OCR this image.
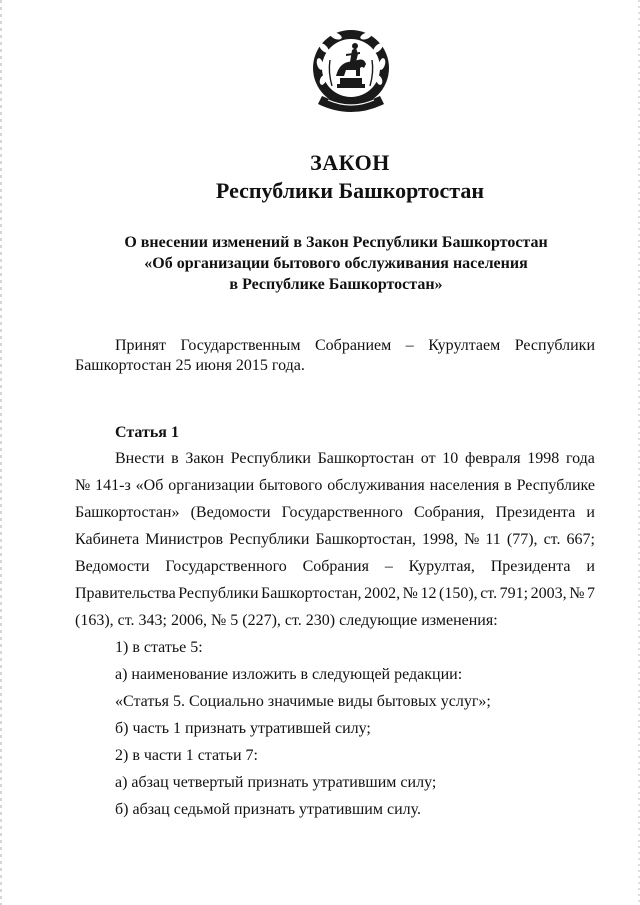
ЗАКОН
Республики Башкортостан
О внесении изменений в Закон Республики Башкортостан
«Об организации бытового обслуживания населения
в Республике Башкортостан»
Принят Государственным Собранием – Курултаем Республики
Башкортостан 25 июня 2015 года.
Статья 1
Внести в Закон Республики Башкортостан от 10 февраля 1998 года
№ 141-з «Об организации бытового обслуживания населения в Республике
Башкортостан» (Ведомости Государственного Собрания, Президента и
Кабинета Министров Республики Башкортостан, 1998, № 11 (77), ст. 667;
Ведомости Государственного Собрания – Курултая, Президента и
Правительства Республики Башкортостан, 2002, № 12 (150), ст. 791; 2003, № 7
(163), ст. 343; 2006, № 5 (227), ст. 230) следующие изменения:
1) в статье 5:
а) наименование изложить в следующей редакции:
«Статья 5. Социально значимые виды бытовых услуг»;
б) часть 1 признать утратившей силу;
2) в части 1 статьи 7:
а) абзац четвертый признать утратившим силу;
б) абзац седьмой признать утратившим силу.
